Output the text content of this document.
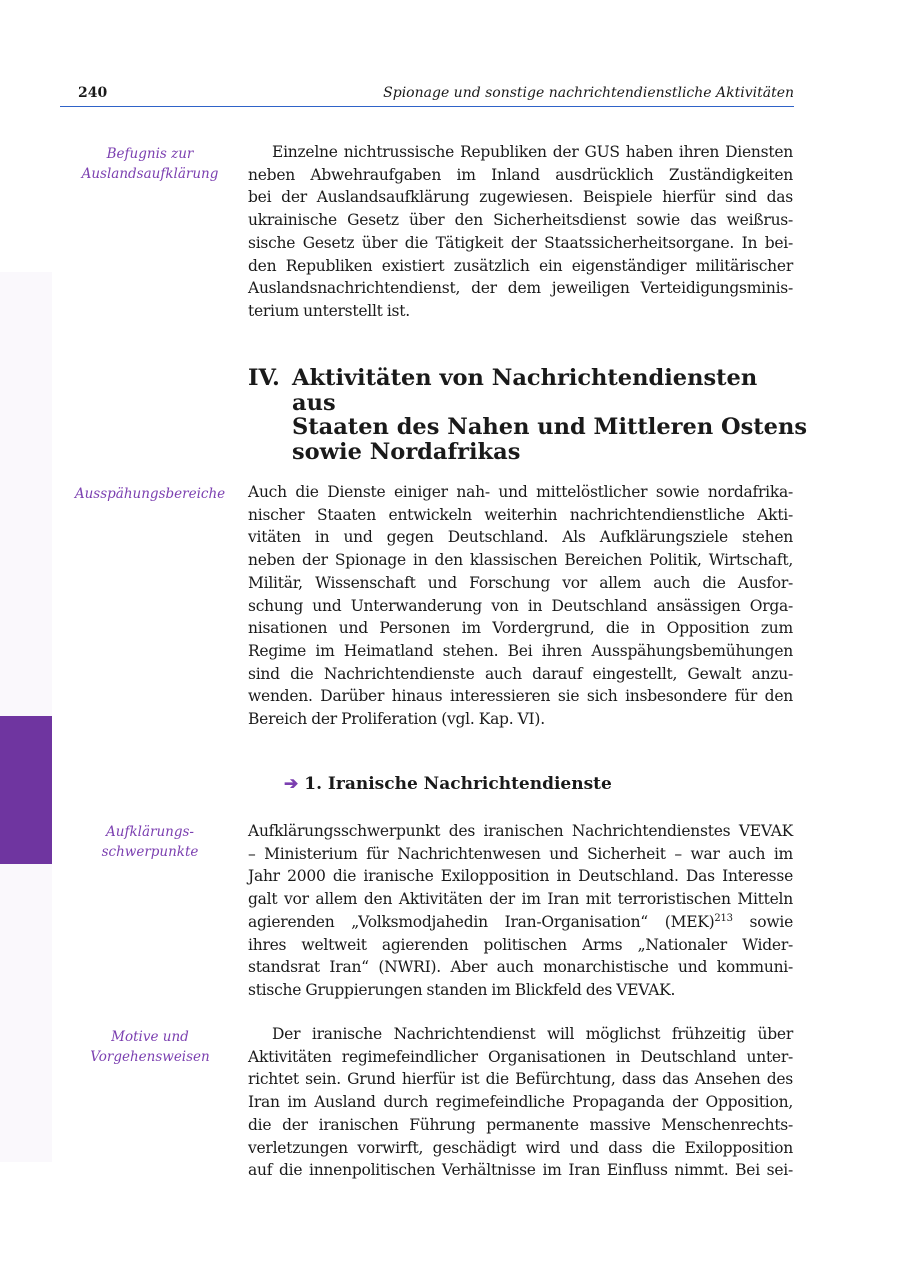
240	Spionage und sonstige nachrichtendienstliche Aktivitäten
Befugnis zur
Auslandsaufklärung
Einzelne nichtrussische Republiken der GUS haben ihren Diensten
neben Abwehraufgaben im Inland ausdrücklich Zuständigkeiten
bei der Auslandsaufklärung zugewiesen. Beispiele hierfür sind das
ukrainische Gesetz über den Sicherheitsdienst sowie das weißrus-
sische Gesetz über die Tätigkeit der Staatssicherheitsorgane. In bei-
den Republiken existiert zusätzlich ein eigenständiger militärischer
Auslandsnachrichtendienst, der dem jeweiligen Verteidigungsminis-
terium unterstellt ist.
IV. Aktivitäten von Nachrichtendiensten aus
Staaten des Nahen und Mittleren Ostens
sowie Nordafrikas
Ausspähungsbereiche	Auch die Dienste einiger nah- und mittelöstlicher sowie nordafrika-
nischer Staaten entwickeln weiterhin nachrichtendienstliche Akti-
vitäten in und gegen Deutschland. Als Aufklärungsziele stehen
neben der Spionage in den klassischen Bereichen Politik, Wirtschaft,
Militär, Wissenschaft und Forschung vor allem auch die Ausfor-
schung und Unterwanderung von in Deutschland ansässigen Orga-
nisationen und Personen im Vordergrund, die in Opposition zum
Regime im Heimatland stehen. Bei ihren Ausspähungsbemühungen
sind die Nachrichtendienste auch darauf eingestellt, Gewalt anzu-
wenden. Darüber hinaus interessieren sie sich insbesondere für den
Bereich der Proliferation (vgl. Kap. VI).
➔ 1. Iranische Nachrichtendienste
Aufklärungs-
schwerpunkte
Aufklärungsschwerpunkt des iranischen Nachrichtendienstes VEVAK
– Ministerium für Nachrichtenwesen und Sicherheit – war auch im
Jahr 2000 die iranische Exilopposition in Deutschland. Das Interesse
galt vor allem den Aktivitäten der im Iran mit terroristischen Mitteln
agierenden „Volksmodjahedin Iran-Organisation“ (MEK)$^{213}$ sowie
ihres weltweit agierenden politischen Arms „Nationaler Wider-
standsrat Iran“ (NWRI). Aber auch monarchistische und kommuni-
stische Gruppierungen standen im Blickfeld des VEVAK.
Motive und
Vorgehensweisen
Der iranische Nachrichtendienst will möglichst frühzeitig über
Aktivitäten regimefeindlicher Organisationen in Deutschland unter-
richtet sein. Grund hierfür ist die Befürchtung, dass das Ansehen des
Iran im Ausland durch regimefeindliche Propaganda der Opposition,
die der iranischen Führung permanente massive Menschenrechts-
verletzungen vorwirft, geschädigt wird und dass die Exilopposition
auf die innenpolitischen Verhältnisse im Iran Einfluss nimmt. Bei sei-
